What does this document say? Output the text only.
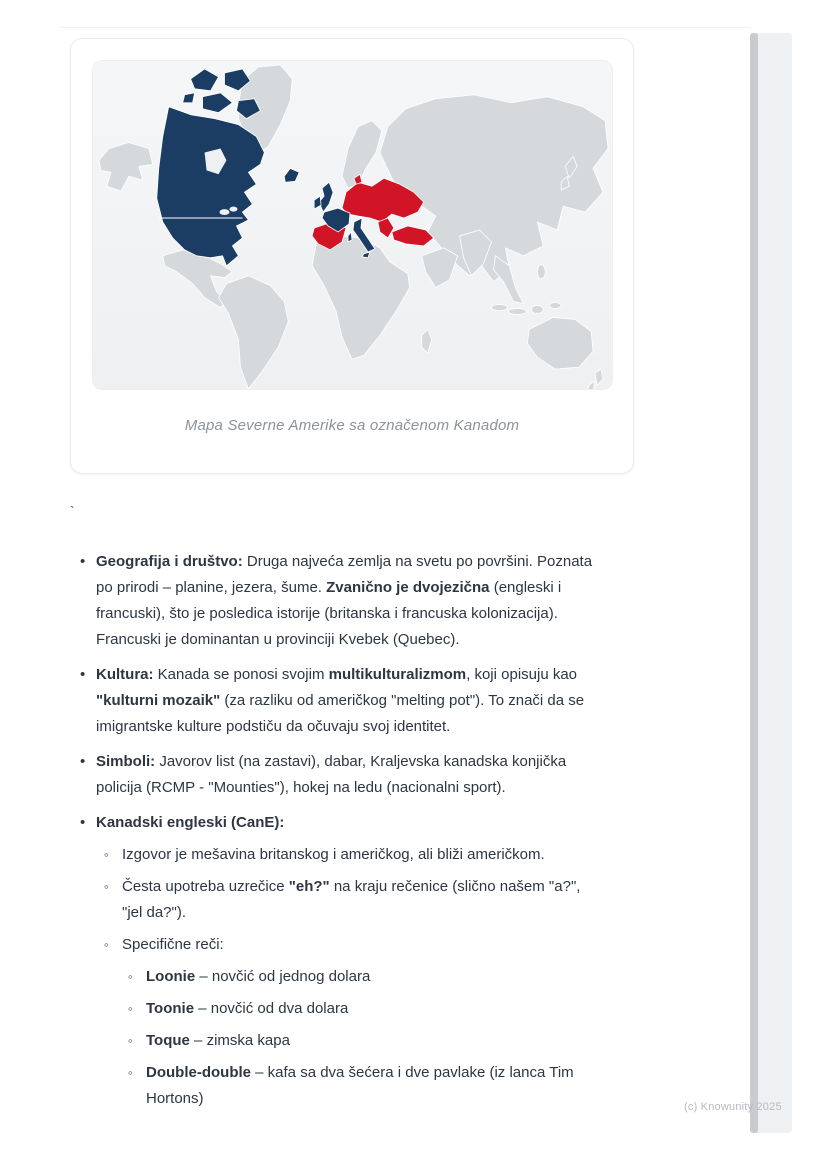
Mapa Severne Amerike sa označenom Kanadom
`
• Geografija i društvo: Druga najveća zemlja na svetu po površini. Poznata
po prirodi – planine, jezera, šume. Zvanično je dvojezična (engleski i
francuski), što je posledica istorije (britanska i francuska kolonizacija).
Francuski je dominantan u provinciji Kvebek (Quebec).
• Kultura: Kanada se ponosi svojim multikulturalizmom, koji opisuju kao
"kulturni mozaik" (za razliku od američkog "melting pot"). To znači da se
imigrantske kulture podstiču da očuvaju svoj identitet.
• Simboli: Javorov list (na zastavi), dabar, Kraljevska kanadska konjička
policija (RCMP - "Mounties"), hokej na ledu (nacionalni sport).
• Kanadski engleski (CanE):
◦ Izgovor je mešavina britanskog i američkog, ali bliži američkom.
◦ Česta upotreba uzrečice "eh?" na kraju rečenice (slično našem "a?",
"jel da?").
◦ Specifične reči:
◦ Loonie – novčić od jednog dolara
◦ Toonie – novčić od dva dolara
◦ Toque – zimska kapa
◦ Double-double – kafa sa dva šećera i dve pavlake (iz lanca Tim
Hortons)	(c) Knowunity 2025
